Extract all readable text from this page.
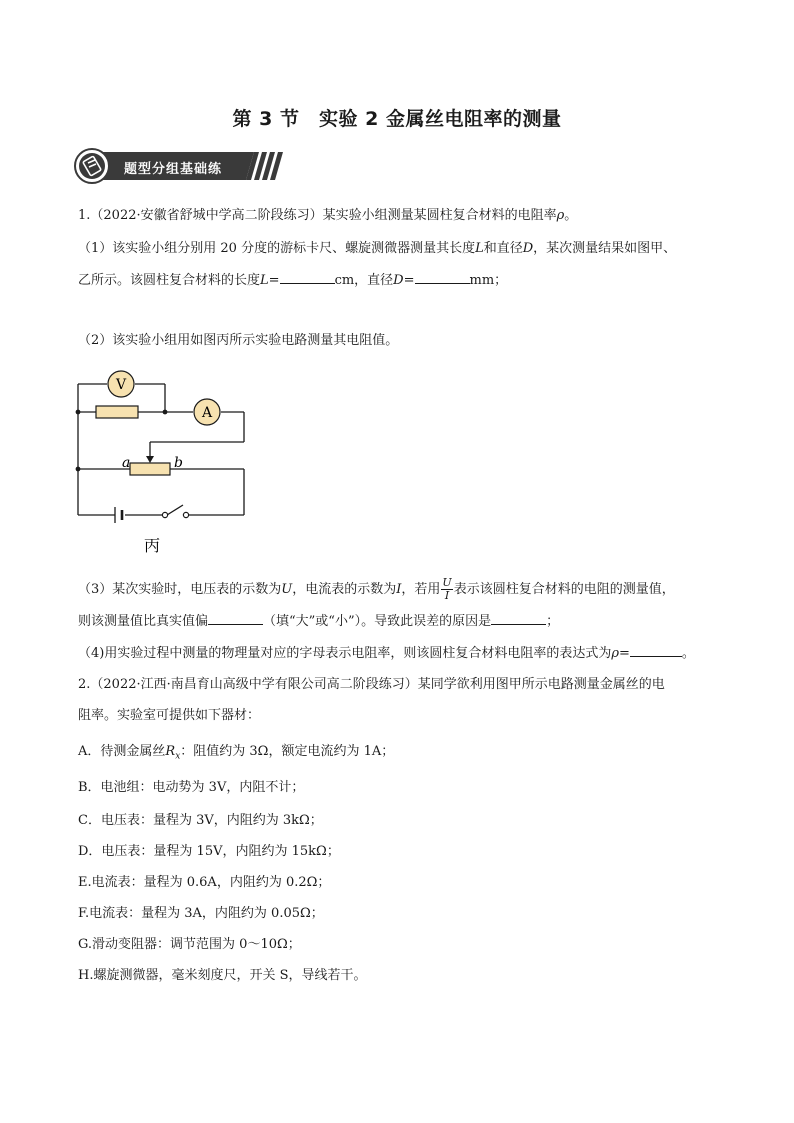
第 3 节　实验 2 金属丝电阻率的测量
题型分组基础练
1.（2022·安徽省舒城中学高二阶段练习）某实验小组测量某圆柱复合材料的电阻率ρ。
（1）该实验小组分别用 20 分度的游标卡尺、螺旋测微器测量其长度L和直径D，某次测量结果如图甲、
乙所示。该圆柱复合材料的长度L=	cm，直径D=	mm；
（2）该实验小组用如图丙所示实验电路测量其电阻值。
V
A
a	b
丙
（3）某次实验时，电压表的示数为U，电流表的示数为I，若用 $\frac{U}{I}$ 表示该圆柱复合材料的电阻的测量值，
则该测量值比真实值偏	（填“大”或“小”）。导致此误差的原因是	；
（4)用实验过程中测量的物理量对应的字母表示电阻率，则该圆柱复合材料电阻率的表达式为ρ=	。
2.（2022·江西·南昌育山高级中学有限公司高二阶段练习）某同学欲利用图甲所示电路测量金属丝的电
阻率。实验室可提供如下器材：
A．待测金属丝$R_x$：阻值约为 3Ω，额定电流约为 1A；
B．电池组：电动势为 3V，内阻不计；
C．电压表：量程为 3V，内阻约为 3kΩ；
D．电压表：量程为 15V，内阻约为 15kΩ；
E.电流表：量程为 0.6A，内阻约为 0.2Ω；
F.电流表：量程为 3A，内阻约为 0.05Ω；
G.滑动变阻器：调节范围为 0～10Ω；
H.螺旋测微器，毫米刻度尺，开关 S，导线若干。
